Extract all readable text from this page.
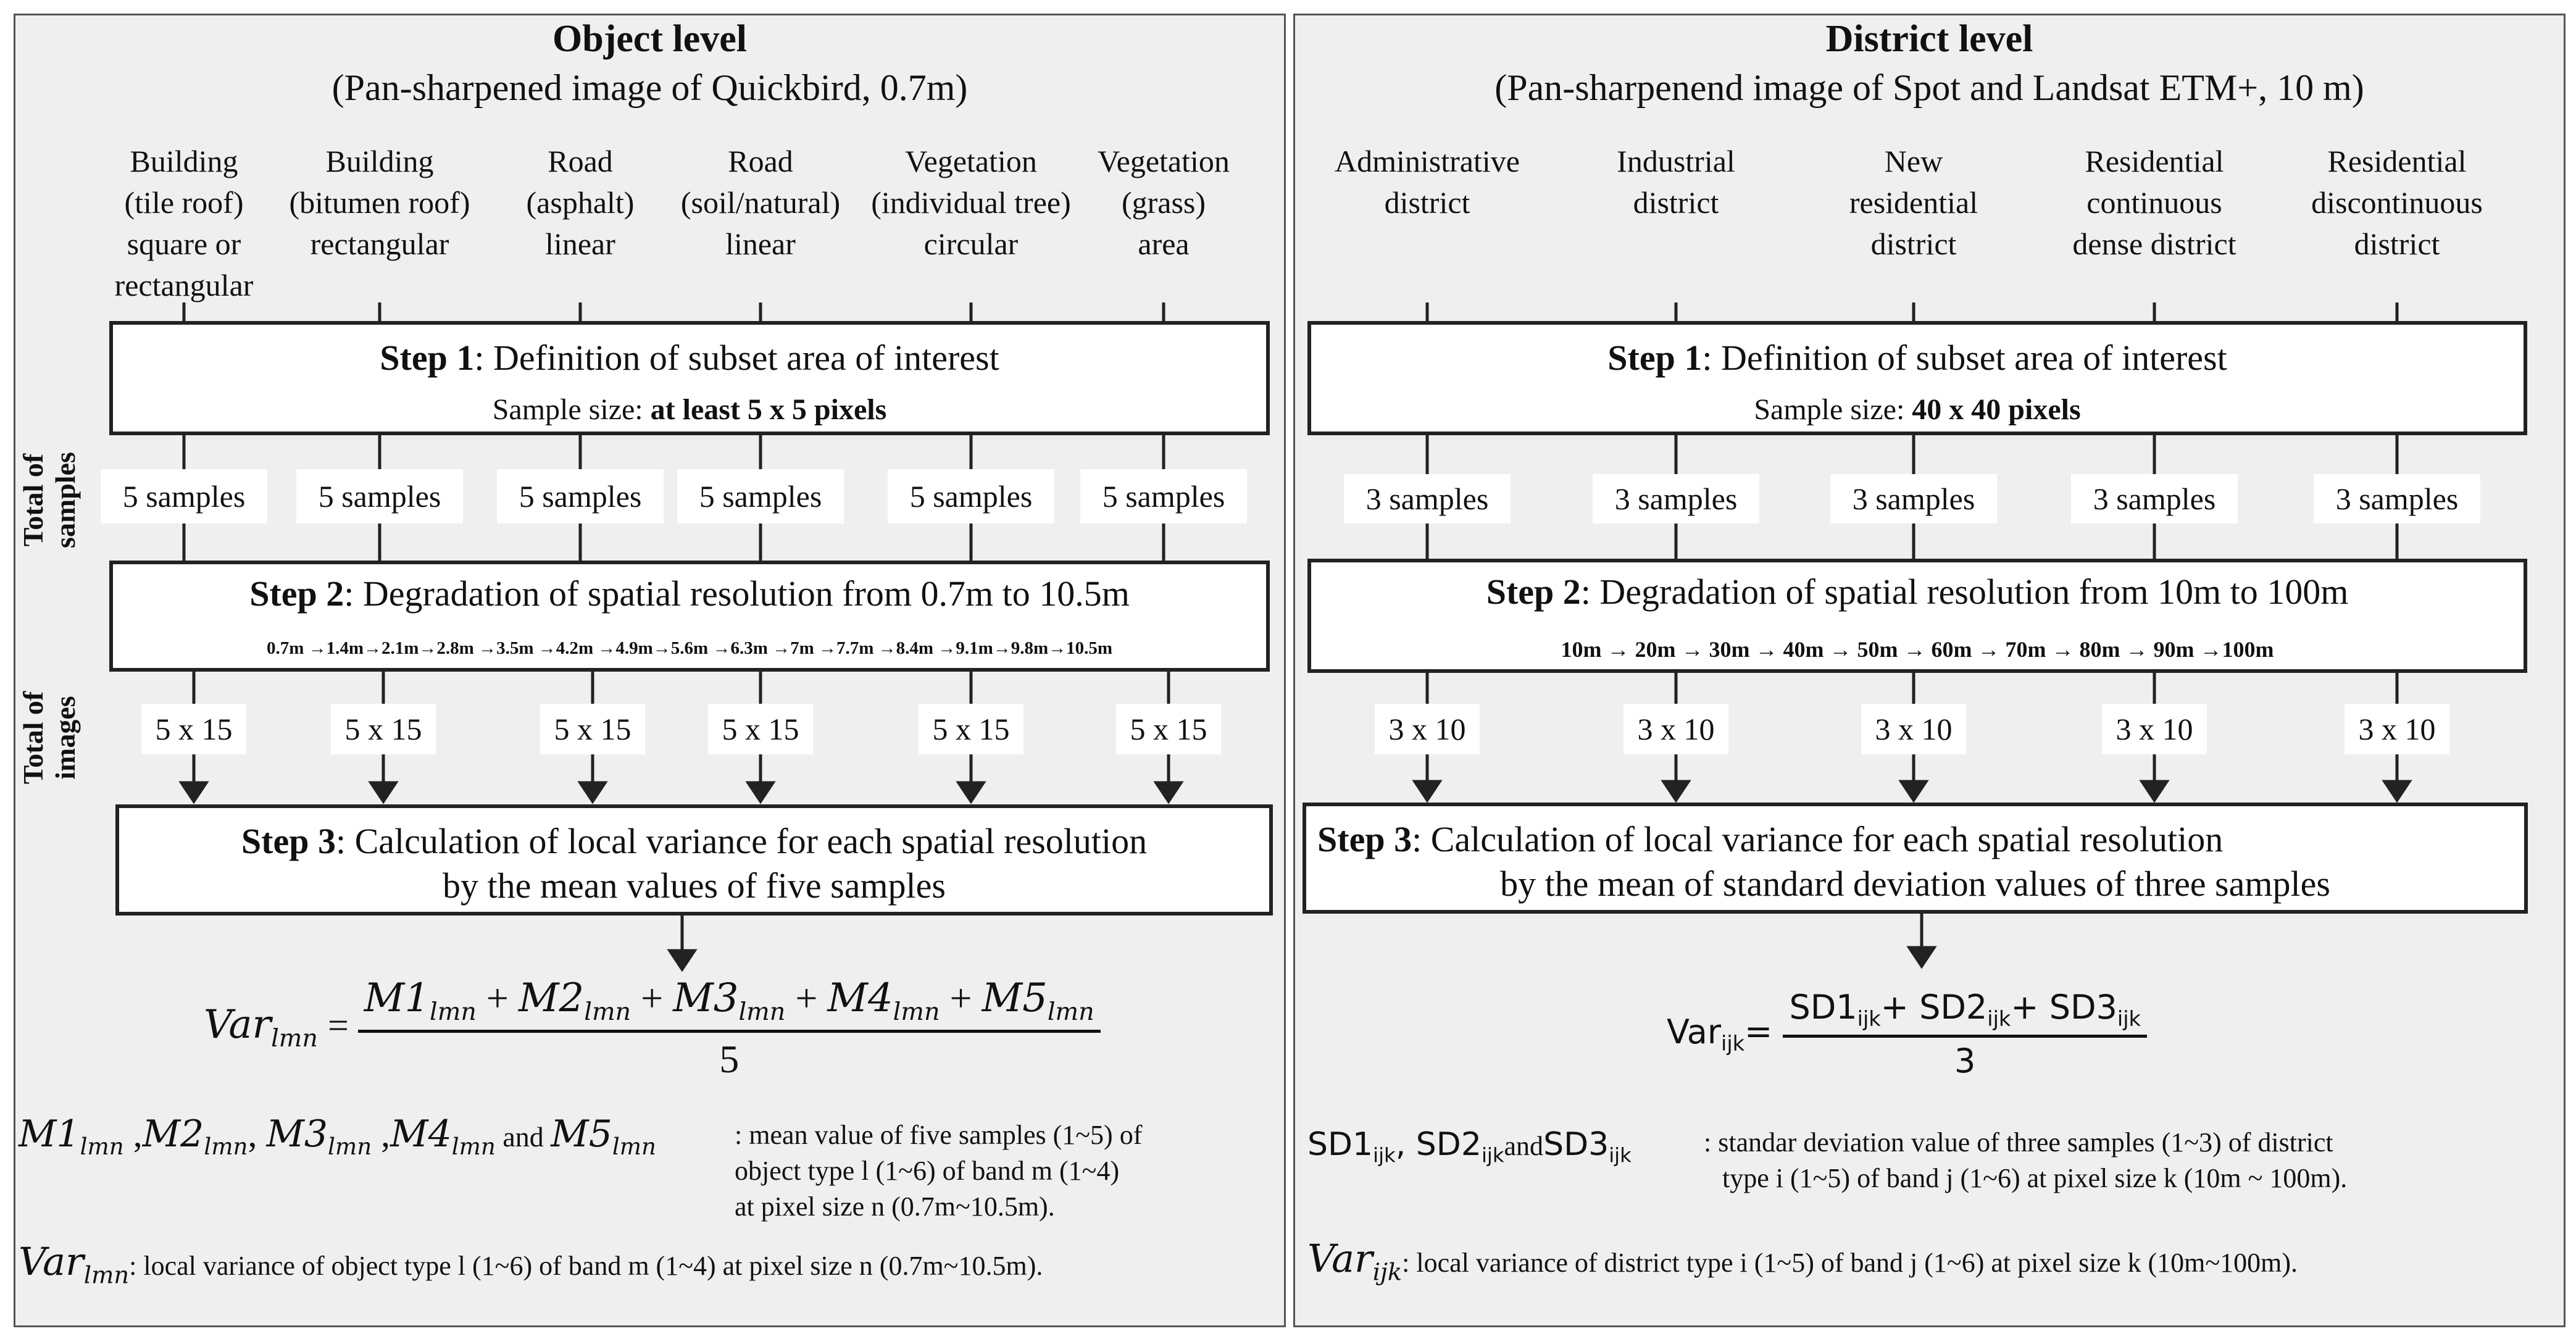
Object level
(Pan-sharpened image of Quickbird, 0.7m)
Step 1: Definition of subset area of interest
Sample size: at least 5 x 5 pixels
Step 2: Degradation of spatial resolution from 0.7m to 10.5m
0.7m →1.4m→2.1m→2.8m →3.5m →4.2m →4.9m→5.6m →6.3m →7m →7.7m →8.4m →9.1m→9.8m→10.5m
Step 3: Calculation of local variance for each spatial resolution
by the mean values of five samples
$Var_{lmn} = \frac{M1_{lmn} + M2_{lmn} + M3_{lmn} + M4_{lmn} + M5_{lmn}}{5}$
$M1_{lmn}$ $,M2_{lmn}$, $M3_{lmn}$ $,M4_{lmn}$ and $M5_{lmn}$	: mean value of five samples (1~5) of
object type l (1~6) of band m (1~4)
at pixel size n (0.7m~10.5m).
Var$_{lmn}$: local variance of object type l (1~6) of band m (1~4) at pixel size n (0.7m~10.5m).
District level
(Pan-sharpenend image of Spot and Landsat ETM+, 10 m)
Step 1: Definition of subset area of interest
Sample size: 40 x 40 pixels
Step 2: Degradation of spatial resolution from 10m to 100m
10m → 20m → 30m → 40m → 50m → 60m → 70m → 80m → 90m →100m
Step 3: Calculation of local variance for each spatial resolution
by the mean of standard deviation values of three samples
$Var_{ijk}= \frac{SD1_{ijk}+ SD2_{ijk}+ SD3_{ijk}}{3}$
$SD1_{ijk}$, $SD2_{ijk}andSD3_{ijk}$	: standar deviation value of three samples (1~3) of district
type i (1~5) of band j (1~6) at pixel size k (10m ~ 100m).
Var$_{ijk}$: local variance of district type i (1~5) of band j (1~6) at pixel size k (10m~100m).
Total of samples
Total of images
Building
(tile roof)
square or
rectangular
Building
(bitumen roof)
rectangular
Road
(asphalt)
linear
Road
(soil/natural)
linear
Vegetation
(individual tree)
circular
Vegetation
(grass)
area
Administrative
district
Industrial
district
New
residential
district
Residential
continuous
dense district
Residential
discontinuous
district
5 samples	5 samples	5 samples	5 samples	5 samples	5 samples	3 samples	3 samples	3 samples	3 samples	3 samples
5 x 15	5 x 15	5 x 15	5 x 15	5 x 15	5 x 15	3 x 10	3 x 10	3 x 10	3 x 10	3 x 10
